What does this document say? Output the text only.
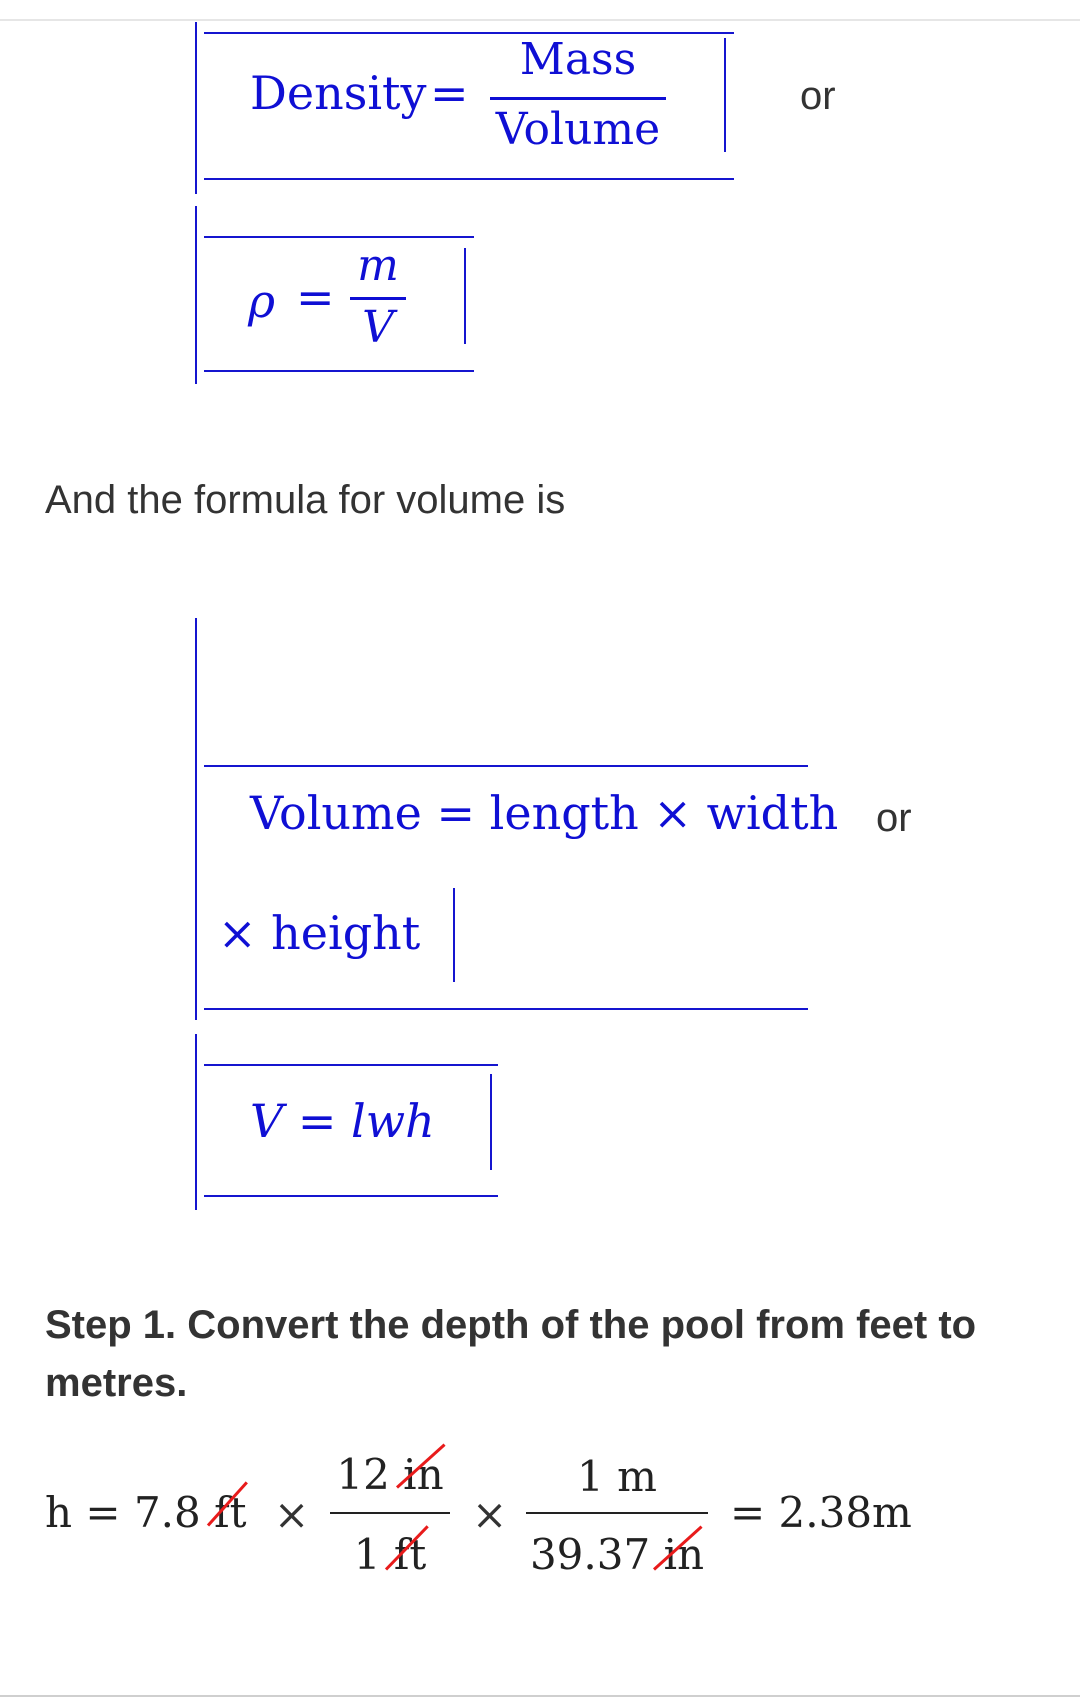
Density =
Mass
Volume
or
ρ =
m
V
And the formula for volume is
Volume = length × width
× height
or
V = lwh
Step 1. Convert the depth of the pool from feet to metres.
h = 7.8 ft ×
12 in
1 ft
×
1 m
39.37 in
= 2.38m
